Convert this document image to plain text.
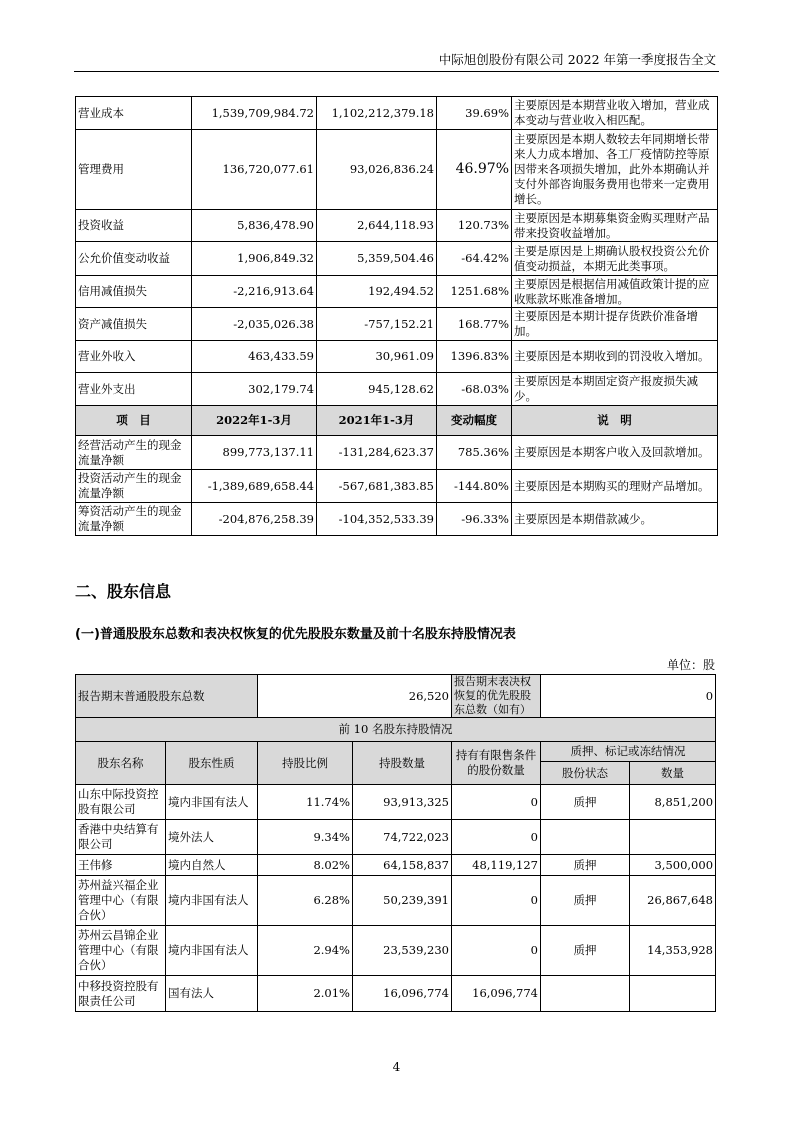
中际旭创股份有限公司 2022 年第一季度报告全文
营业成本	1,539,709,984.72	1,102,212,379.18	39.69%	主要原因是本期营业收入增加，营业成本变动与营业收入相匹配。
管理费用	136,720,077.61	93,026,836.24	46.97%	主要原因是本期人数较去年同期增长带来人力成本增加、各工厂疫情防控等原因带来各项损失增加，此外本期确认并支付外部咨询服务费用也带来一定费用增长。
投资收益	5,836,478.90	2,644,118.93	120.73%	主要原因是本期募集资金购买理财产品带来投资收益增加。
公允价值变动收益	1,906,849.32	5,359,504.46	-64.42%	主要是原因是上期确认股权投资公允价值变动损益，本期无此类事项。
信用减值损失	-2,216,913.64	192,494.52	1251.68%	主要原因是根据信用减值政策计提的应收账款坏账准备增加。
资产减值损失	-2,035,026.38	-757,152.21	168.77%	主要原因是本期计提存货跌价准备增加。
营业外收入	463,433.59	30,961.09	1396.83%	主要原因是本期收到的罚没收入增加。
营业外支出	302,179.74	945,128.62	-68.03%	主要原因是本期固定资产报废损失减少。
项　目	2022年1-3月	2021年1-3月	变动幅度	说　明
经营活动产生的现金流量净额	899,773,137.11	-131,284,623.37	785.36%	主要原因是本期客户收入及回款增加。
投资活动产生的现金流量净额	-1,389,689,658.44	-567,681,383.85	-144.80%	主要原因是本期购买的理财产品增加。
筹资活动产生的现金流量净额	-204,876,258.39	-104,352,533.39	-96.33%	主要原因是本期借款减少。
二、股东信息
(一)普通股股东总数和表决权恢复的优先股股东数量及前十名股东持股情况表
单位：股
报告期末普通股股东总数		26,520		报告期末表决权恢复的优先股股东总数（如有）	0	
前 10 名股东持股情况						
股东名称	股东性质	持股比例	持股数量	持有有限售条件的股份数量	质押、标记或冻结情况	
					股份状态	数量
山东中际投资控股有限公司	境内非国有法人	11.74%	93,913,325	0	质押	8,851,200
香港中央结算有限公司	境外法人	9.34%	74,722,023	0		
王伟修	境内自然人	8.02%	64,158,837	48,119,127	质押	3,500,000
苏州益兴福企业管理中心（有限合伙）	境内非国有法人	6.28%	50,239,391	0	质押	26,867,648
苏州云昌锦企业管理中心（有限合伙）	境内非国有法人	2.94%	23,539,230	0	质押	14,353,928
中移投资控股有限责任公司	国有法人	2.01%	16,096,774	16,096,774		
4
